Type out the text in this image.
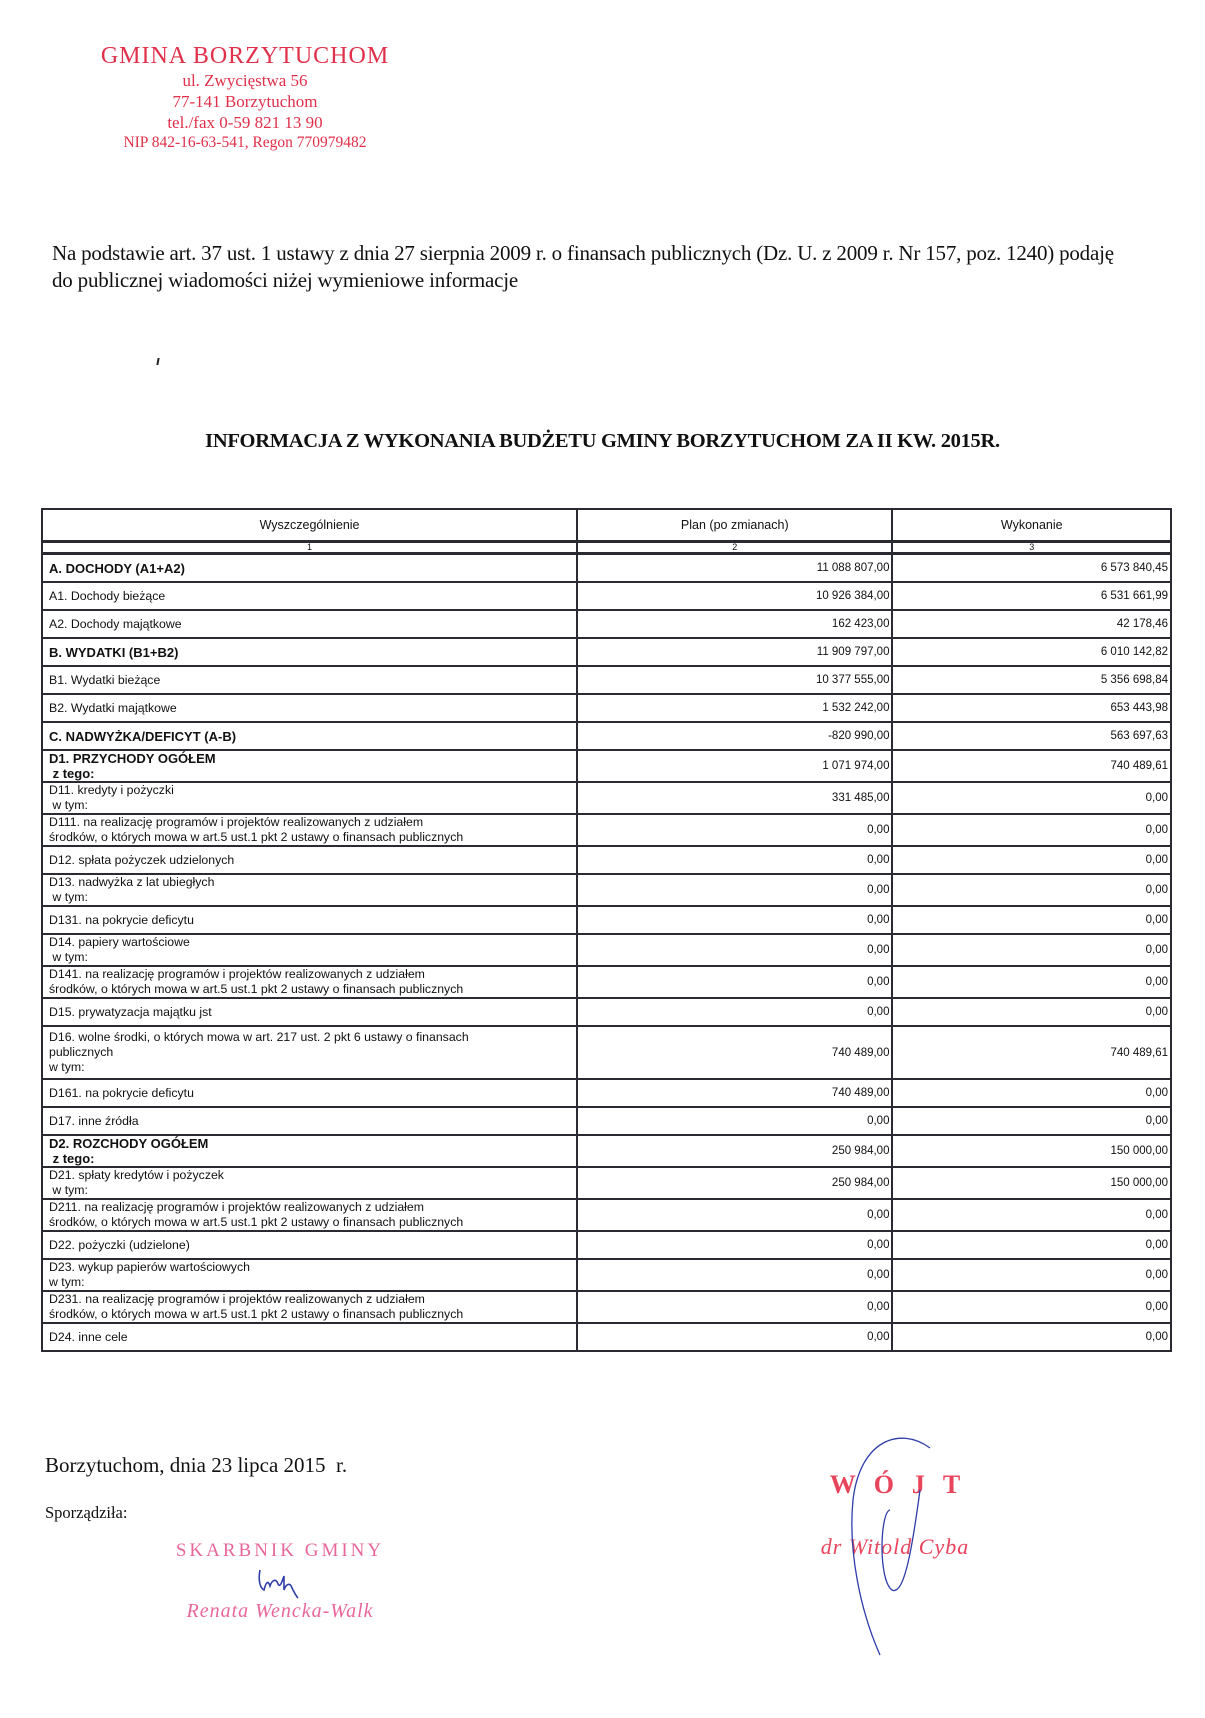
GMINA BORZYTUCHOM
ul. Zwycięstwa 56
77-141 Borzytuchom
tel./fax 0-59 821 13 90
NIP 842-16-63-541, Regon 770979482

Na podstawie art. 37 ust. 1 ustawy z dnia 27 sierpnia 2009 r. o finansach publicznych (Dz. U. z 2009 r. Nr 157, poz. 1240) podaję do publicznej wiadomości niżej wymieniowe informacje

INFORMACJA Z WYKONANIA BUDŻETU GMINY BORZYTUCHOM ZA II KW. 2015R.
Wyszczególnienie	Plan (po zmianach)	Wykonanie
1	2	3
A. DOCHODY (A1+A2)	11 088 807,00	6 573 840,45
A1. Dochody bieżące	10 926 384,00	6 531 661,99
A2. Dochody majątkowe	162 423,00	42 178,46
B. WYDATKI (B1+B2)	11 909 797,00	6 010 142,82
B1. Wydatki bieżące	10 377 555,00	5 356 698,84
B2. Wydatki majątkowe	1 532 242,00	653 443,98
C. NADWYŻKA/DEFICYT (A-B)	-820 990,00	563 697,63

D1. PRZYCHODY OGÓŁEM
z tego:	1 071 974,00	740 489,61

D11. kredyty i pożyczki
w tym:	331 485,00	0,00

D111. na realizację programów i projektów realizowanych z udziałem
środków, o których mowa w art.5 ust.1 pkt 2 ustawy o finansach publicznych	0,00	0,00
D12. spłata pożyczek udzielonych	0,00	0,00

D13. nadwyżka z lat ubiegłych
w tym:	0,00	0,00
D131. na pokrycie deficytu	0,00	0,00

D14. papiery wartościowe
w tym:	0,00	0,00

D141. na realizację programów i projektów realizowanych z udziałem
środków, o których mowa w art.5 ust.1 pkt 2 ustawy o finansach publicznych	0,00	0,00
D15. prywatyzacja majątku jst	0,00	0,00

D16. wolne środki, o których mowa w art. 217 ust. 2 pkt 6 ustawy o finansach
publicznych
w tym:	740 489,00	740 489,61
D161. na pokrycie deficytu	740 489,00	0,00
D17. inne źródła	0,00	0,00

D2. ROZCHODY OGÓŁEM
z tego:	250 984,00	150 000,00

D21. spłaty kredytów i pożyczek
w tym:	250 984,00	150 000,00

D211. na realizację programów i projektów realizowanych z udziałem
środków, o których mowa w art.5 ust.1 pkt 2 ustawy o finansach publicznych	0,00	0,00
D22. pożyczki (udzielone)	0,00	0,00

D23. wykup papierów wartościowych
w tym:	0,00	0,00

D231. na realizację programów i projektów realizowanych z udziałem
środków, o których mowa w art.5 ust.1 pkt 2 ustawy o finansach publicznych	0,00	0,00
D24. inne cele	0,00	0,00
Borzytuchom, dnia 23 lipca 2015  r.
Sporządziła:
SKARBNIK GMINY
Renata Wencka-Walk
WÓJT
dr Witold Cyba
